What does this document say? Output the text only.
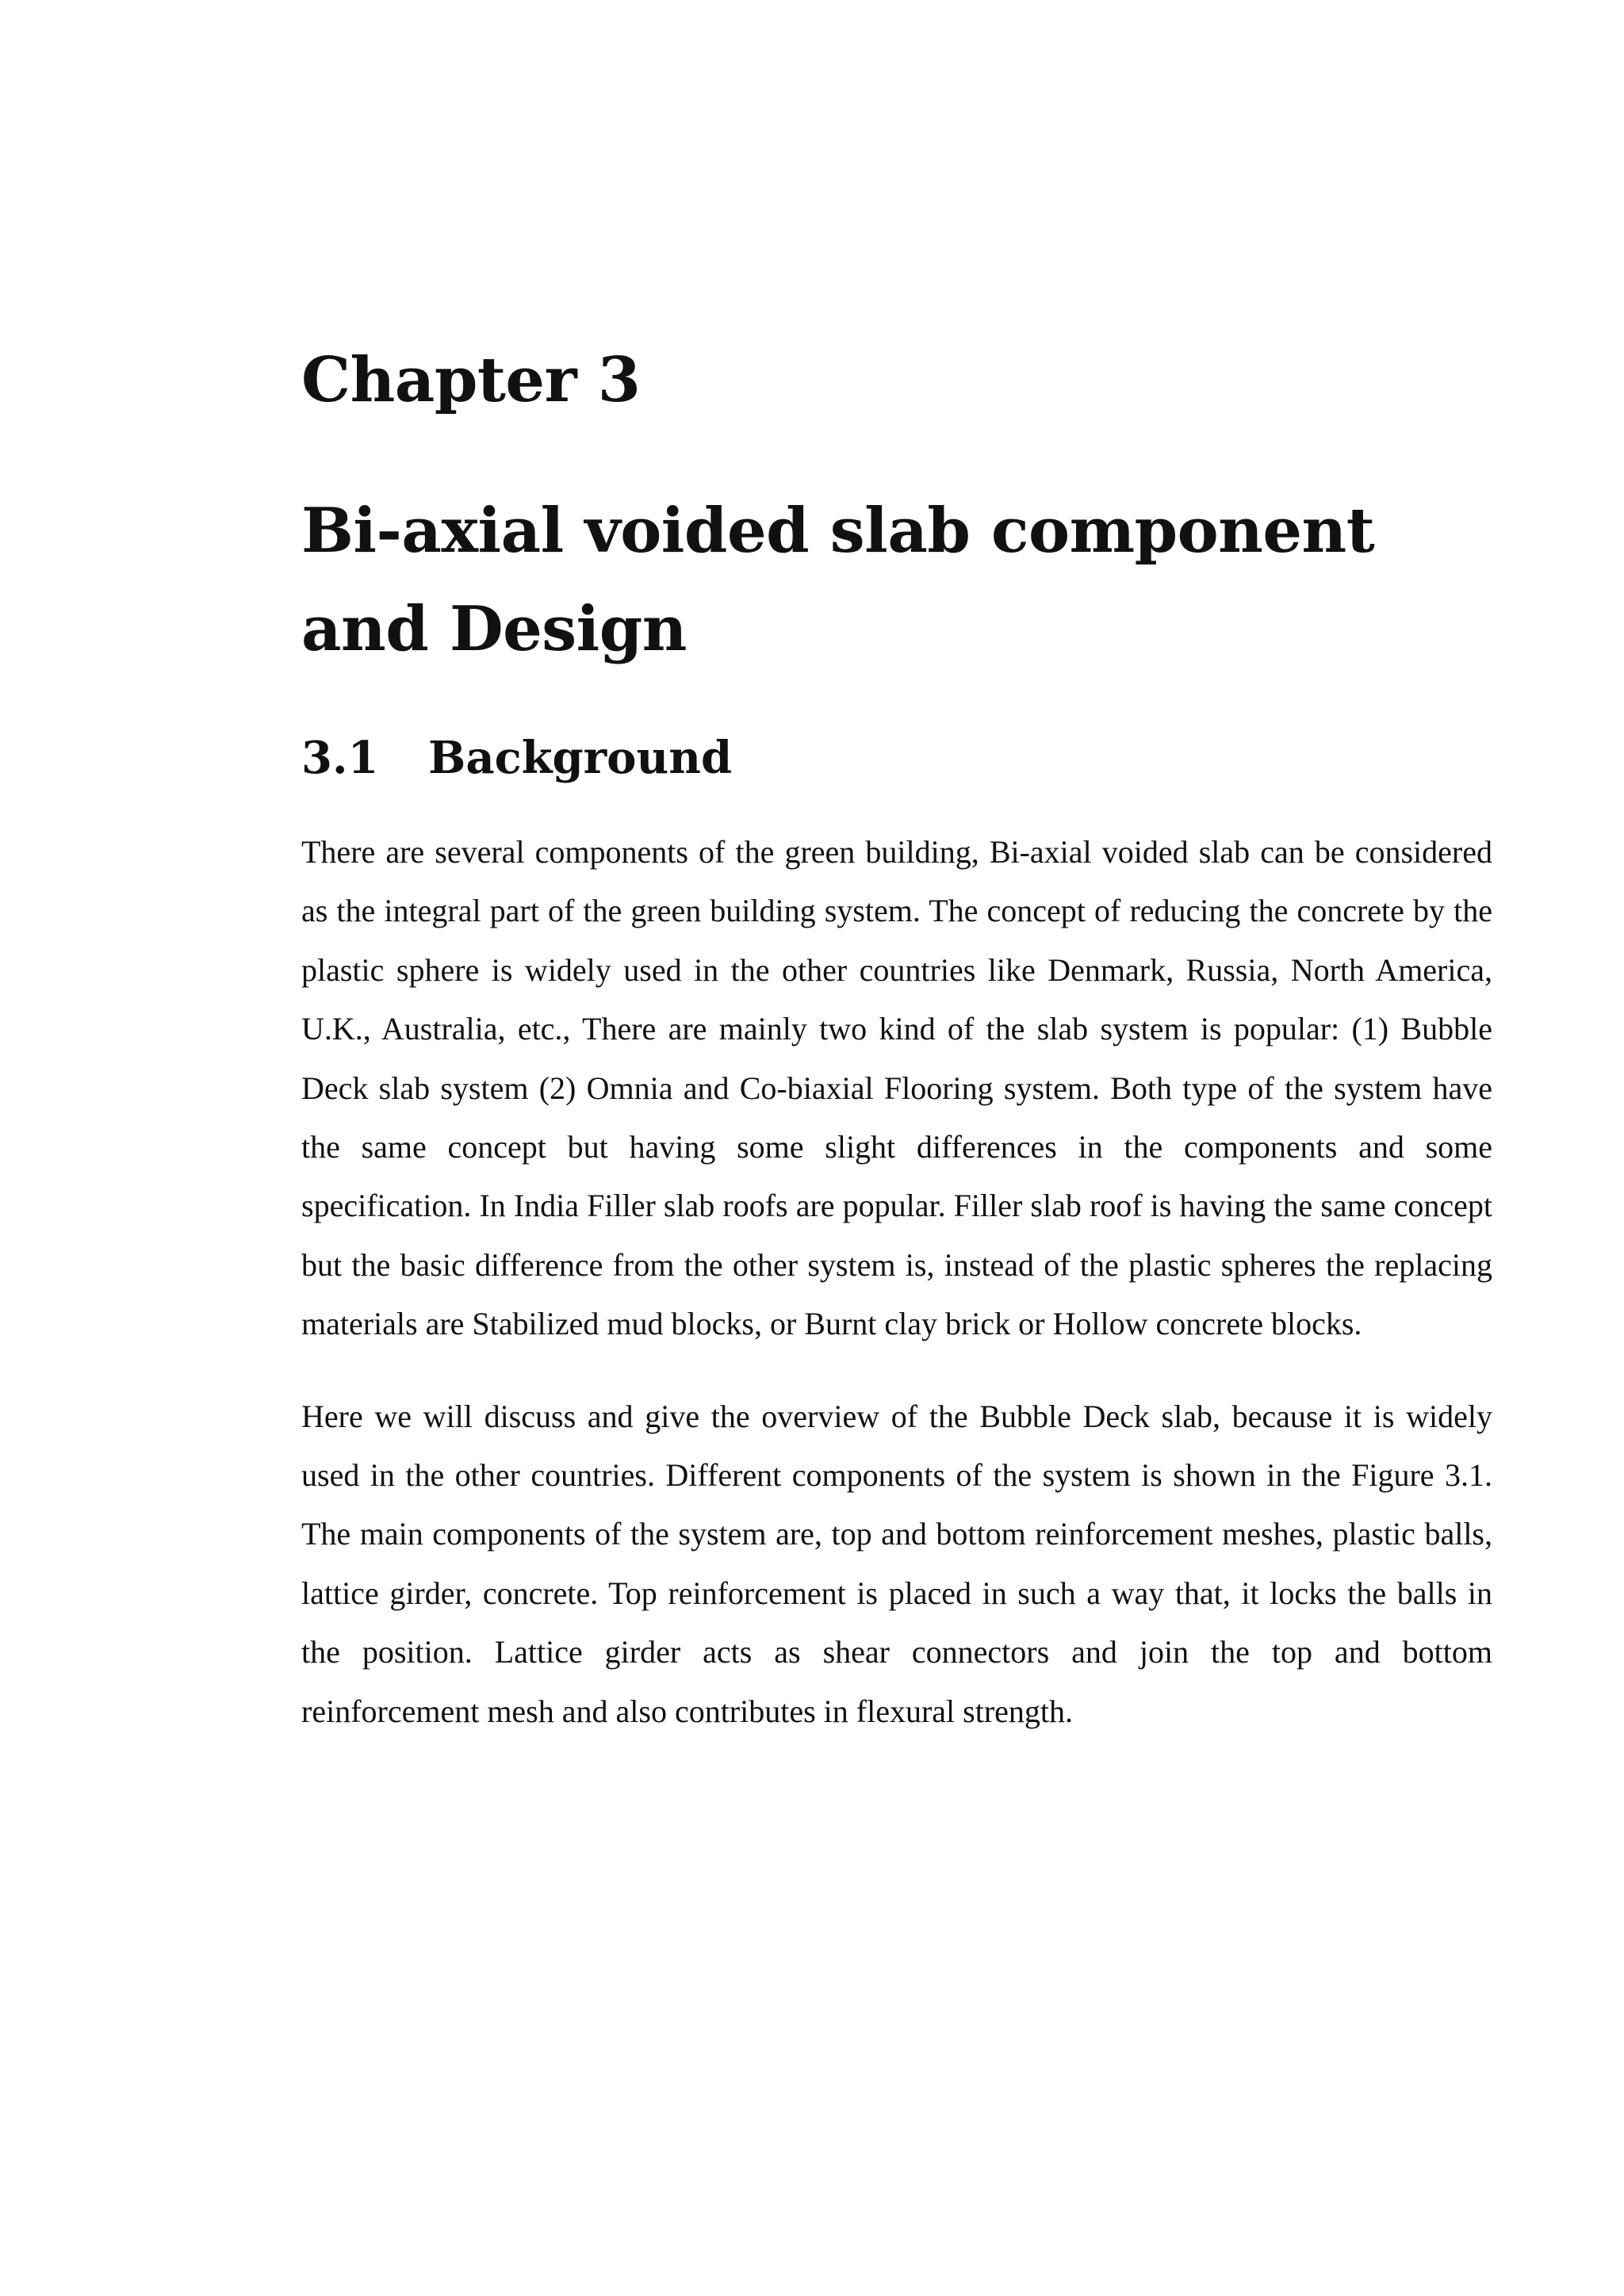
Chapter 3
Bi-axial voided slab component and Design
3.1	Background

There are several components of the green building, Bi-axial voided slab can be considered as the integral part of the green building system. The concept of reducing the concrete by the plastic sphere is widely used in the other countries like Denmark, Russia, North America, U.K., Australia, etc., There are mainly two kind of the slab system is popular: (1) Bubble Deck slab system (2) Omnia and Co-biaxial Flooring system. Both type of the system have the same concept but having some slight differences in the components and some specification. In India Filler slab roofs are popular. Filler slab roof is having the same concept but the basic difference from the other system is, instead of the plastic spheres the replacing materials are Stabilized mud blocks, or Burnt clay brick or Hollow concrete blocks.

Here we will discuss and give the overview of the Bubble Deck slab, because it is widely used in the other countries. Different components of the system is shown in the Figure 3.1. The main components of the system are, top and bottom reinforcement meshes, plastic balls, lattice girder, concrete. Top reinforcement is placed in such a way that, it locks the balls in the position. Lattice girder acts as shear connectors and join the top and bottom reinforcement mesh and also contributes in flexural strength.
